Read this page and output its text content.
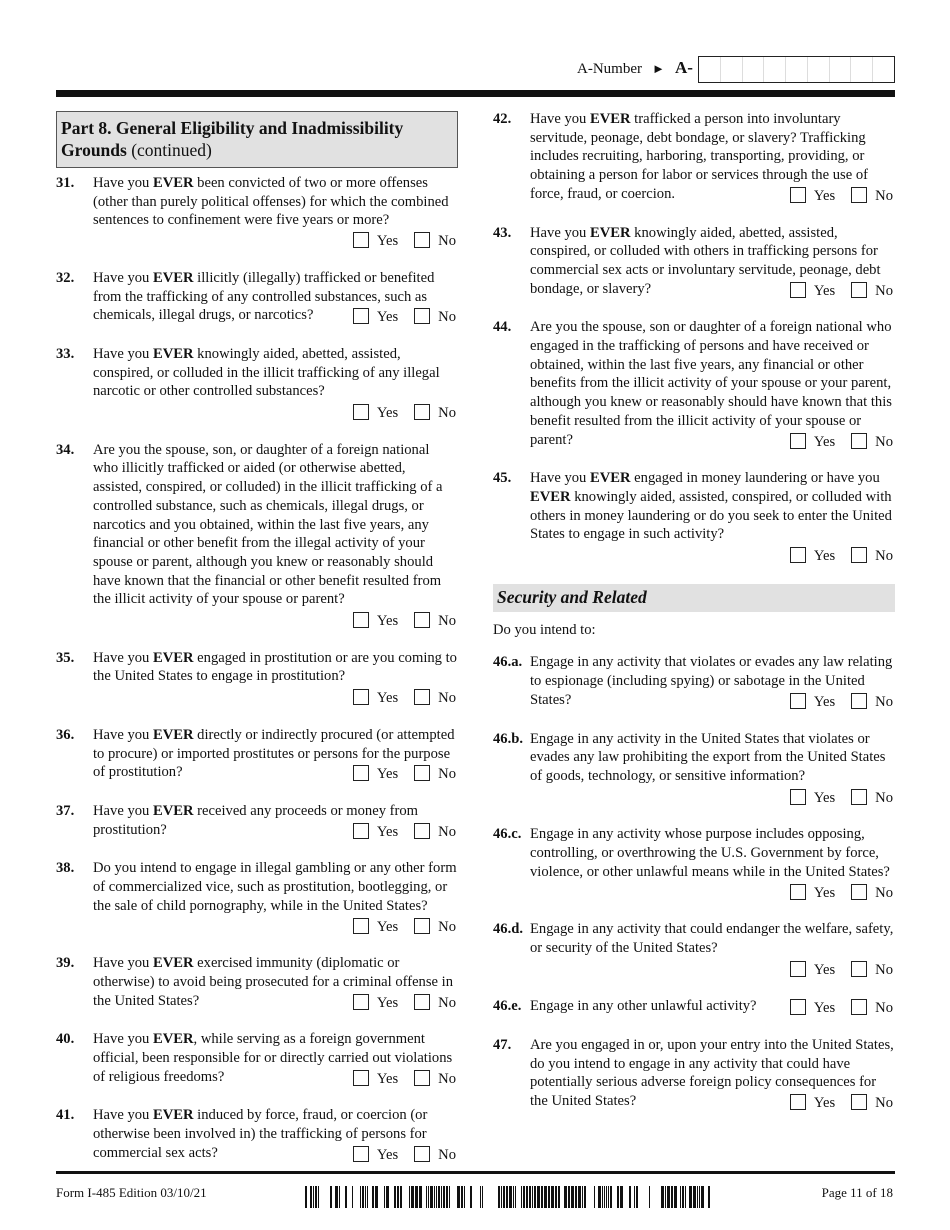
A-Number ► A-
Part 8. General Eligibility and Inadmissibility Grounds (continued)
31. Have you EVER been convicted of two or more offenses (other than purely political offenses) for which the combined sentences to confinement were five years or more?
Yes	No
32. Have you EVER illicitly (illegally) trafficked or benefited from the trafficking of any controlled substances, such as chemicals, illegal drugs, or narcotics?	Yes	No
33. Have you EVER knowingly aided, abetted, assisted, conspired, or colluded in the illicit trafficking of any illegal narcotic or other controlled substances?
Yes	No
34. Are you the spouse, son, or daughter of a foreign national who illicitly trafficked or aided (or otherwise abetted, assisted, conspired, or colluded) in the illicit trafficking of a controlled substance, such as chemicals, illegal drugs, or narcotics and you obtained, within the last five years, any financial or other benefit from the illegal activity of your spouse or parent, although you knew or reasonably should have known that the financial or other benefit resulted from the illicit activity of your spouse or parent?
Yes	No
35. Have you EVER engaged in prostitution or are you coming to the United States to engage in prostitution?
Yes	No
36. Have you EVER directly or indirectly procured (or attempted to procure) or imported prostitutes or persons for the purpose of prostitution?	Yes	No
37. Have you EVER received any proceeds or money from prostitution?	Yes	No
38. Do you intend to engage in illegal gambling or any other form of commercialized vice, such as prostitution, bootlegging, or the sale of child pornography, while in the United States?
Yes	No
39. Have you EVER exercised immunity (diplomatic or otherwise) to avoid being prosecuted for a criminal offense in the United States?	Yes	No
40. Have you EVER, while serving as a foreign government official, been responsible for or directly carried out violations of religious freedoms?	Yes	No
41. Have you EVER induced by force, fraud, or coercion (or otherwise been involved in) the trafficking of persons for commercial sex acts?	Yes	No
42. Have you EVER trafficked a person into involuntary servitude, peonage, debt bondage, or slavery? Trafficking includes recruiting, harboring, transporting, providing, or obtaining a person for labor or services through the use of force, fraud, or coercion.	Yes	No
43. Have you EVER knowingly aided, abetted, assisted, conspired, or colluded with others in trafficking persons for commercial sex acts or involuntary servitude, peonage, debt bondage, or slavery?	Yes	No
44. Are you the spouse, son or daughter of a foreign national who engaged in the trafficking of persons and have received or obtained, within the last five years, any financial or other benefits from the illicit activity of your spouse or your parent, although you knew or reasonably should have known that this benefit resulted from the illicit activity of your spouse or parent?	Yes	No
45. Have you EVER engaged in money laundering or have you EVER knowingly aided, assisted, conspired, or colluded with others in money laundering or do you seek to enter the United States to engage in such activity?
Yes	No
Security and Related
Do you intend to:
46.a. Engage in any activity that violates or evades any law relating to espionage (including spying) or sabotage in the United States?	Yes	No
46.b. Engage in any activity in the United States that violates or evades any law prohibiting the export from the United States of goods, technology, or sensitive information?
Yes	No
46.c. Engage in any activity whose purpose includes opposing, controlling, or overthrowing the U.S. Government by force, violence, or other unlawful means while in the United States?
Yes	No
46.d. Engage in any activity that could endanger the welfare, safety, or security of the United States?
Yes	No
46.e. Engage in any other unlawful activity?	Yes	No
47. Are you engaged in or, upon your entry into the United States, do you intend to engage in any activity that could have potentially serious adverse foreign policy consequences for the United States?	Yes	No
Form I-485 Edition 03/10/21	Page 11 of 18
